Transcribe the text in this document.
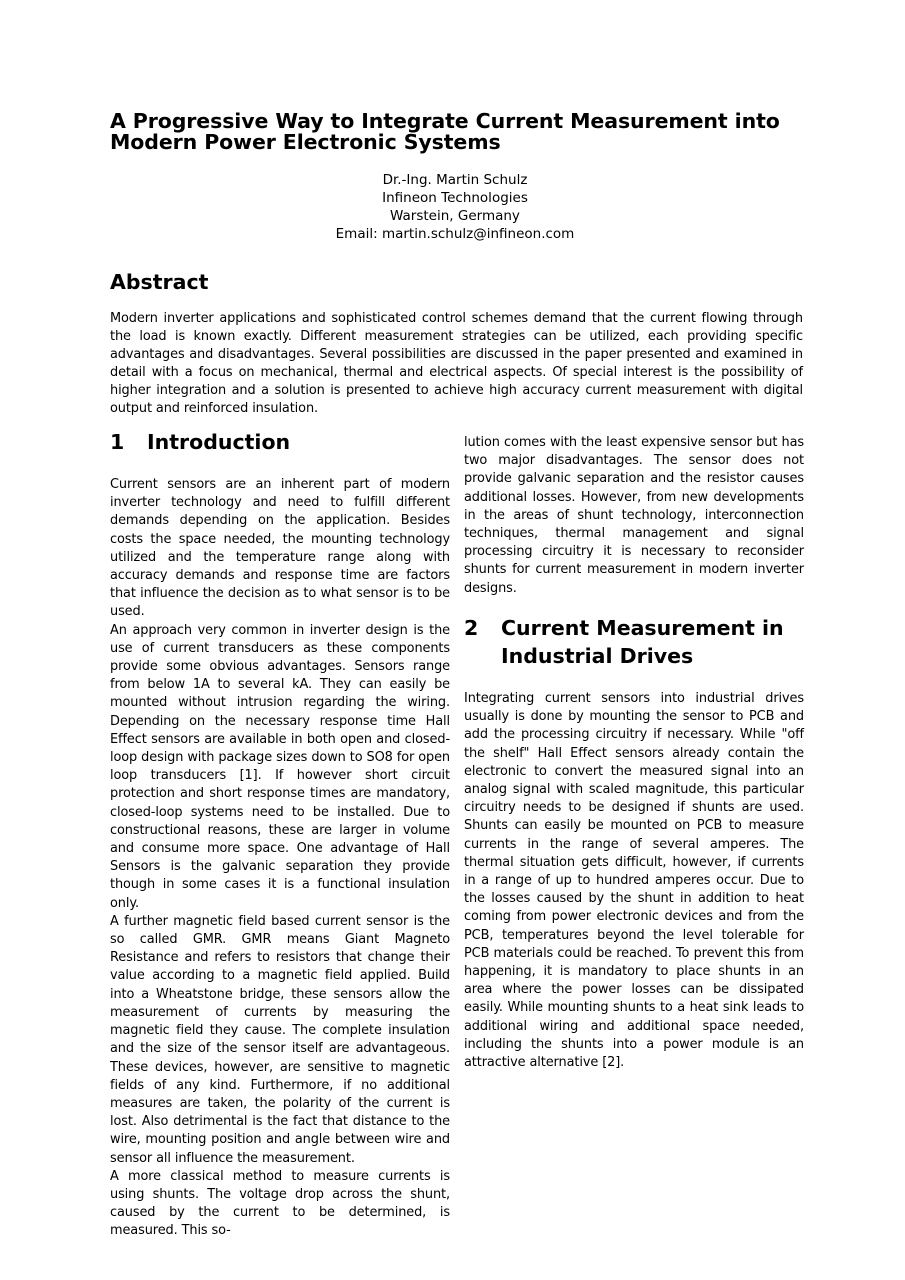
A Progressive Way to Integrate Current Measurement into Modern Power Electronic Systems
Dr.-Ing. Martin Schulz
Infineon Technologies
Warstein, Germany
Email: martin.schulz@infineon.com
Abstract
Modern inverter applications and sophisticated control schemes demand that the current flowing through the load is known exactly. Different measurement strategies can be utilized, each providing specific advantages and disadvantages. Several possibilities are discussed in the paper presented and examined in detail with a focus on mechanical, thermal and electrical aspects. Of special interest is the possibility of higher integration and a solution is presented to achieve high accuracy current measurement with digital output and reinforced insulation.
1 Introduction

Current sensors are an inherent part of modern inverter technology and need to fulfill different demands depending on the application. Besides costs the space needed, the mounting technology utilized and the temperature range along with accuracy demands and response time are factors that influence the decision as to what sensor is to be used.

An approach very common in inverter design is the use of current transducers as these components provide some obvious advantages. Sensors range from below 1A to several kA. They can easily be mounted without intrusion regarding the wiring. Depending on the necessary response time Hall Effect sensors are available in both open and closed-loop design with package sizes down to SO8 for open loop transducers [1]. If however short circuit protection and short response times are mandatory, closed-loop systems need to be installed. Due to constructional reasons, these are larger in volume and consume more space. One advantage of Hall Sensors is the galvanic separation they provide though in some cases it is a functional insulation only.

A further magnetic field based current sensor is the so called GMR. GMR means Giant Magneto Resistance and refers to resistors that change their value according to a magnetic field applied. Build into a Wheatstone bridge, these sensors allow the measurement of currents by measuring the magnetic field they cause. The complete insulation and the size of the sensor itself are advantageous. These devices, however, are sensitive to magnetic fields of any kind. Furthermore, if no additional measures are taken, the polarity of the current is lost. Also detrimental is the fact that distance to the wire, mounting position and angle between wire and sensor all influence the measurement.

A more classical method to measure currents is using shunts. The voltage drop across the shunt, caused by the current to be determined, is measured. This so-

lution comes with the least expensive sensor but has two major disadvantages. The sensor does not provide galvanic separation and the resistor causes additional losses. However, from new developments in the areas of shunt technology, interconnection techniques, thermal management and signal processing circuitry it is necessary to reconsider shunts for current measurement in modern inverter designs.

2 Current Measurement in Industrial Drives

Integrating current sensors into industrial drives usually is done by mounting the sensor to PCB and add the processing circuitry if necessary. While "off the shelf" Hall Effect sensors already contain the electronic to convert the measured signal into an analog signal with scaled magnitude, this particular circuitry needs to be designed if shunts are used. Shunts can easily be mounted on PCB to measure currents in the range of several amperes. The thermal situation gets difficult, however, if currents in a range of up to hundred amperes occur. Due to the losses caused by the shunt in addition to heat coming from power electronic devices and from the PCB, temperatures beyond the level tolerable for PCB materials could be reached. To prevent this from happening, it is mandatory to place shunts in an area where the power losses can be dissipated easily. While mounting shunts to a heat sink leads to additional wiring and additional space needed, including the shunts into a power module is an attractive alternative [2].
